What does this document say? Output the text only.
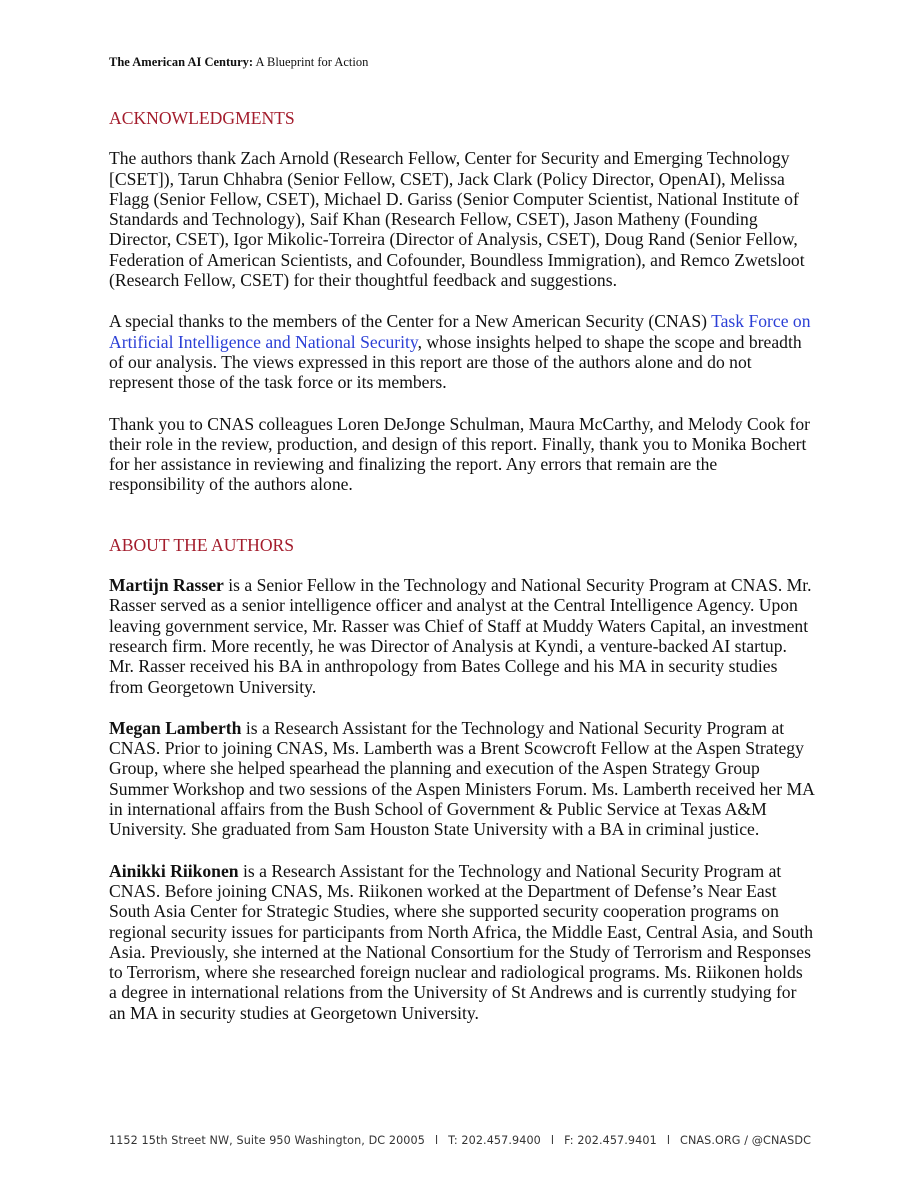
The American AI Century: A Blueprint for Action
ACKNOWLEDGMENTS

The authors thank Zach Arnold (Research Fellow, Center for Security and Emerging Technology [CSET]), Tarun Chhabra (Senior Fellow, CSET), Jack Clark (Policy Director, OpenAI), Melissa Flagg (Senior Fellow, CSET), Michael D. Gariss (Senior Computer Scientist, National Institute of Standards and Technology), Saif Khan (Research Fellow, CSET), Jason Matheny (Founding Director, CSET), Igor Mikolic-Torreira (Director of Analysis, CSET), Doug Rand (Senior Fellow, Federation of American Scientists, and Cofounder, Boundless Immigration), and Remco Zwetsloot (Research Fellow, CSET) for their thoughtful feedback and suggestions.

A special thanks to the members of the Center for a New American Security (CNAS) Task Force on Artificial Intelligence and National Security, whose insights helped to shape the scope and breadth of our analysis. The views expressed in this report are those of the authors alone and do not represent those of the task force or its members.

Thank you to CNAS colleagues Loren DeJonge Schulman, Maura McCarthy, and Melody Cook for their role in the review, production, and design of this report. Finally, thank you to Monika Bochert for her assistance in reviewing and finalizing the report. Any errors that remain are the responsibility of the authors alone.

ABOUT THE AUTHORS

Martijn Rasser is a Senior Fellow in the Technology and National Security Program at CNAS. Mr. Rasser served as a senior intelligence officer and analyst at the Central Intelligence Agency. Upon leaving government service, Mr. Rasser was Chief of Staff at Muddy Waters Capital, an investment research firm. More recently, he was Director of Analysis at Kyndi, a venture-backed AI startup. Mr. Rasser received his BA in anthropology from Bates College and his MA in security studies from Georgetown University.

Megan Lamberth is a Research Assistant for the Technology and National Security Program at CNAS. Prior to joining CNAS, Ms. Lamberth was a Brent Scowcroft Fellow at the Aspen Strategy Group, where she helped spearhead the planning and execution of the Aspen Strategy Group Summer Workshop and two sessions of the Aspen Ministers Forum. Ms. Lamberth received her MA in international affairs from the Bush School of Government & Public Service at Texas A&M University. She graduated from Sam Houston State University with a BA in criminal justice.

Ainikki Riikonen is a Research Assistant for the Technology and National Security Program at CNAS. Before joining CNAS, Ms. Riikonen worked at the Department of Defense’s Near East South Asia Center for Strategic Studies, where she supported security cooperation programs on regional security issues for participants from North Africa, the Middle East, Central Asia, and South Asia. Previously, she interned at the National Consortium for the Study of Terrorism and Responses to Terrorism, where she researched foreign nuclear and radiological programs. Ms. Riikonen holds a degree in international relations from the University of St Andrews and is currently studying for an MA in security studies at Georgetown University.

1152 15th Street NW, Suite 950 Washington, DC 20005 l T: 202.457.9400 l F: 202.457.9401 l CNAS.ORG / @CNASDC
